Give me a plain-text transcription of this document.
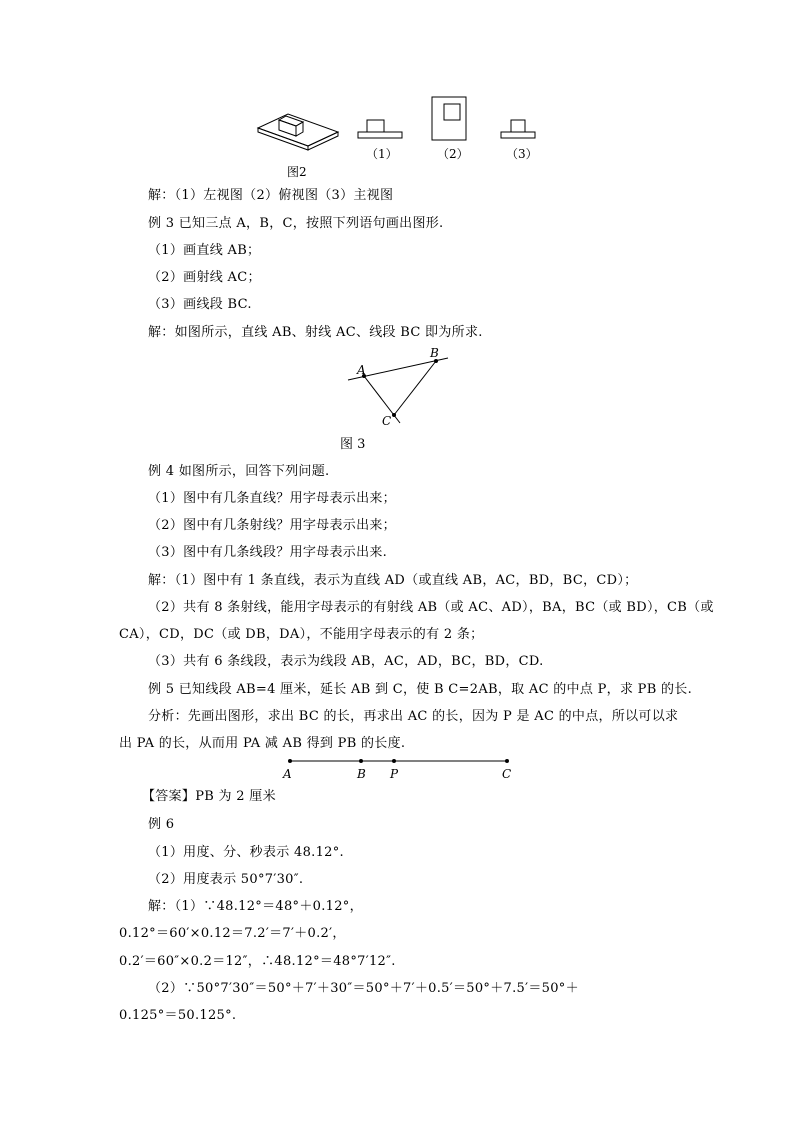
（1）	（2）	（3）
图2
解：（1）左视图（2）俯视图（3）主视图
例 3 已知三点 A，B，C，按照下列语句画出图形.
（1）画直线 AB；
（2）画射线 AC；
（3）画线段 BC.
解：如图所示，直线 AB、射线 AC、线段 BC 即为所求.
A
B
C
图 3
例 4 如图所示，回答下列问题.
（1）图中有几条直线？用字母表示出来；
（2）图中有几条射线？用字母表示出来；
（3）图中有几条线段？用字母表示出来.
解：（1）图中有 1 条直线，表示为直线 AD（或直线 AB，AC，BD，BC，CD）；
（2）共有 8 条射线，能用字母表示的有射线 AB（或 AC、AD），BA，BC（或 BD），CB（或
CA），CD，DC（或 DB，DA），不能用字母表示的有 2 条；
（3）共有 6 条线段，表示为线段 AB，AC，AD，BC，BD，CD.
例 5 已知线段 AB=4 厘米，延长 AB 到 C，使 B C=2AB，取 AC 的中点 P，求 PB 的长.
分析：先画出图形，求出 BC 的长，再求出 AC 的长，因为 P 是 AC 的中点，所以可以求
出 PA 的长，从而用 PA 减 AB 得到 PB 的长度.
A	B P	C
【答案】PB 为 2 厘米
例 6
（1）用度、分、秒表示 48.12°.
（2）用度表示 50°7′30″.
解：（1）∵48.12°＝48°＋0.12°，
0.12°＝60′×0.12＝7.2′＝7′＋0.2′，
0.2′＝60″×0.2＝12″，∴48.12°＝48°7′12″.
（2）∵50°7′30″＝50°＋7′＋30″＝50°＋7′＋0.5′＝50°＋7.5′＝50°＋
0.125°＝50.125°.
